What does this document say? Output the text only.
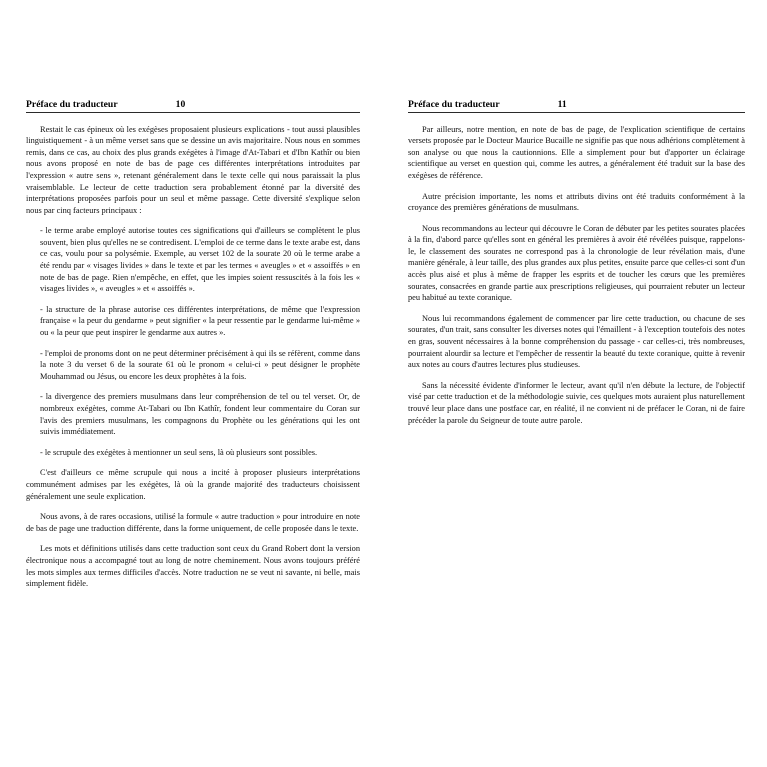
Préface du traducteur	10

Restait le cas épineux où les exégèses proposaient plusieurs explications - tout aussi plausibles linguistiquement - à un même verset sans que se dessine un avis majoritaire. Nous nous en sommes remis, dans ce cas, au choix des plus grands exégètes à l'image d'At-Tabari et d'Ibn Kathîr ou bien nous avons proposé en note de bas de page ces différentes interprétations introduites par l'expression « autre sens », retenant généralement dans le texte celle qui nous paraissait la plus vraisemblable. Le lecteur de cette traduction sera probablement étonné par la diversité des interprétations proposées parfois pour un seul et même passage. Cette diversité s'explique selon nous par cinq facteurs principaux :

- le terme arabe employé autorise toutes ces significations qui d'ailleurs se complètent le plus souvent, bien plus qu'elles ne se contredisent. L'emploi de ce terme dans le texte arabe est, dans ce cas, voulu pour sa polysémie. Exemple, au verset 102 de la sourate 20 où le terme arabe a été rendu par « visages livides » dans le texte et par les termes « aveugles » et « assoiffés » en note de bas de page. Rien n'empêche, en effet, que les impies soient ressuscités à la fois les « visages livides », « aveugles » et « assoiffés ».

- la structure de la phrase autorise ces différentes interprétations, de même que l'expression française « la peur du gendarme » peut signifier « la peur ressentie par le gendarme lui-même » ou « la peur que peut inspirer le gendarme aux autres ».

- l'emploi de pronoms dont on ne peut déterminer précisément à qui ils se réfèrent, comme dans la note 3 du verset 6 de la sourate 61 où le pronom « celui-ci » peut désigner le prophète Mouhammad ou Jésus, ou encore les deux prophètes à la fois.

- la divergence des premiers musulmans dans leur compréhension de tel ou tel verset. Or, de nombreux exégètes, comme At-Tabari ou Ibn Kathîr, fondent leur commentaire du Coran sur l'avis des premiers musulmans, les compagnons du Prophète ou les générations qui les ont suivis immédiatement.

- le scrupule des exégètes à mentionner un seul sens, là où plusieurs sont possibles.

C'est d'ailleurs ce même scrupule qui nous a incité à proposer plusieurs interprétations communément admises par les exégètes, là où la grande majorité des traducteurs choisissent généralement une seule explication.

Nous avons, à de rares occasions, utilisé la formule « autre traduction » pour introduire en note de bas de page une traduction différente, dans la forme uniquement, de celle proposée dans le texte.

Les mots et définitions utilisés dans cette traduction sont ceux du Grand Robert dont la version électronique nous a accompagné tout au long de notre cheminement. Nous avons toujours préféré les mots simples aux termes difficiles d'accès. Notre traduction ne se veut ni savante, ni belle, mais simplement fidèle.

Préface du traducteur	11

Par ailleurs, notre mention, en note de bas de page, de l'explication scientifique de certains versets proposée par le Docteur Maurice Bucaille ne signifie pas que nous adhérions complètement à son analyse ou que nous la cautionnions. Elle a simplement pour but d'apporter un éclairage scientifique au verset en question qui, comme les autres, a généralement été traduit sur la base des exégèses de référence.

Autre précision importante, les noms et attributs divins ont été traduits conformément à la croyance des premières générations de musulmans.

Nous recommandons au lecteur qui découvre le Coran de débuter par les petites sourates placées à la fin, d'abord parce qu'elles sont en général les premières à avoir été révélées puisque, rappelons-le, le classement des sourates ne correspond pas à la chronologie de leur révélation mais, d'une manière générale, à leur taille, des plus grandes aux plus petites, ensuite parce que celles-ci sont d'un accès plus aisé et plus à même de frapper les esprits et de toucher les cœurs que les premières sourates, consacrées en grande partie aux prescriptions religieuses, qui pourraient rebuter un lecteur peu habitué au texte coranique.

Nous lui recommandons également de commencer par lire cette traduction, ou chacune de ses sourates, d'un trait, sans consulter les diverses notes qui l'émaillent - à l'exception toutefois des notes en gras, souvent nécessaires à la bonne compréhension du passage - car celles-ci, très nombreuses, pourraient alourdir sa lecture et l'empêcher de ressentir la beauté du texte coranique, quitte à revenir aux notes au cours d'autres lectures plus studieuses.

Sans la nécessité évidente d'informer le lecteur, avant qu'il n'en débute la lecture, de l'objectif visé par cette traduction et de la méthodologie suivie, ces quelques mots auraient plus naturellement trouvé leur place dans une postface car, en réalité, il ne convient ni de préfacer le Coran, ni de faire précéder la parole du Seigneur de toute autre parole.
